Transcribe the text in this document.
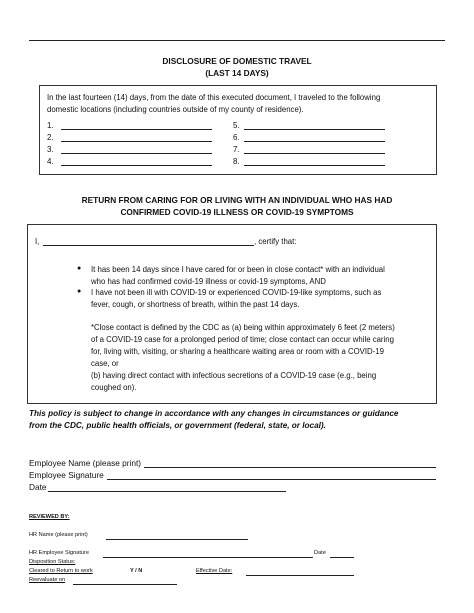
DISCLOSURE OF DOMESTIC TRAVEL
(LAST 14 DAYS)
In the last fourteen (14) days, from the date of this executed document, I traveled to the following
domestic locations (including countries outside of my county of residence).
1.
2.
3.
4.
5.
6.
7.
8.
RETURN FROM CARING FOR OR LIVING WITH AN INDIVIDUAL WHO HAS HAD
CONFIRMED COVID-19 ILLNESS OR COVID-19 SYMPTOMS
I,	, certify that:
● It has been 14 days since I have cared for or been in close contact* with an individual
who has had confirmed covid-19 illness or covid-19 symptoms, AND
● I have not been ill with COVID-19 or experienced COVID-19-like symptoms, such as
fever, cough, or shortness of breath, within the past 14 days.
*Close contact is defined by the CDC as (a) being within approximately 6 feet (2 meters)
of a COVID-19 case for a prolonged period of time; close contact can occur while caring
for, living with, visiting, or sharing a healthcare waiting area or room with a COVID-19
case, or
(b) having direct contact with infectious secretions of a COVID-19 case (e.g., being
coughed on).
This policy is subject to change in accordance with any changes in circumstances or guidance
from the CDC, public health officials, or government (federal, state, or local).
Employee Name (please print)
Employee Signature
Date
REVIEWED BY:
HR Name (please print)
HR Employee Signature	Date
Disposition Status:
Cleared to Return to work	Y / N	Effective Date:
Reevaluate on
